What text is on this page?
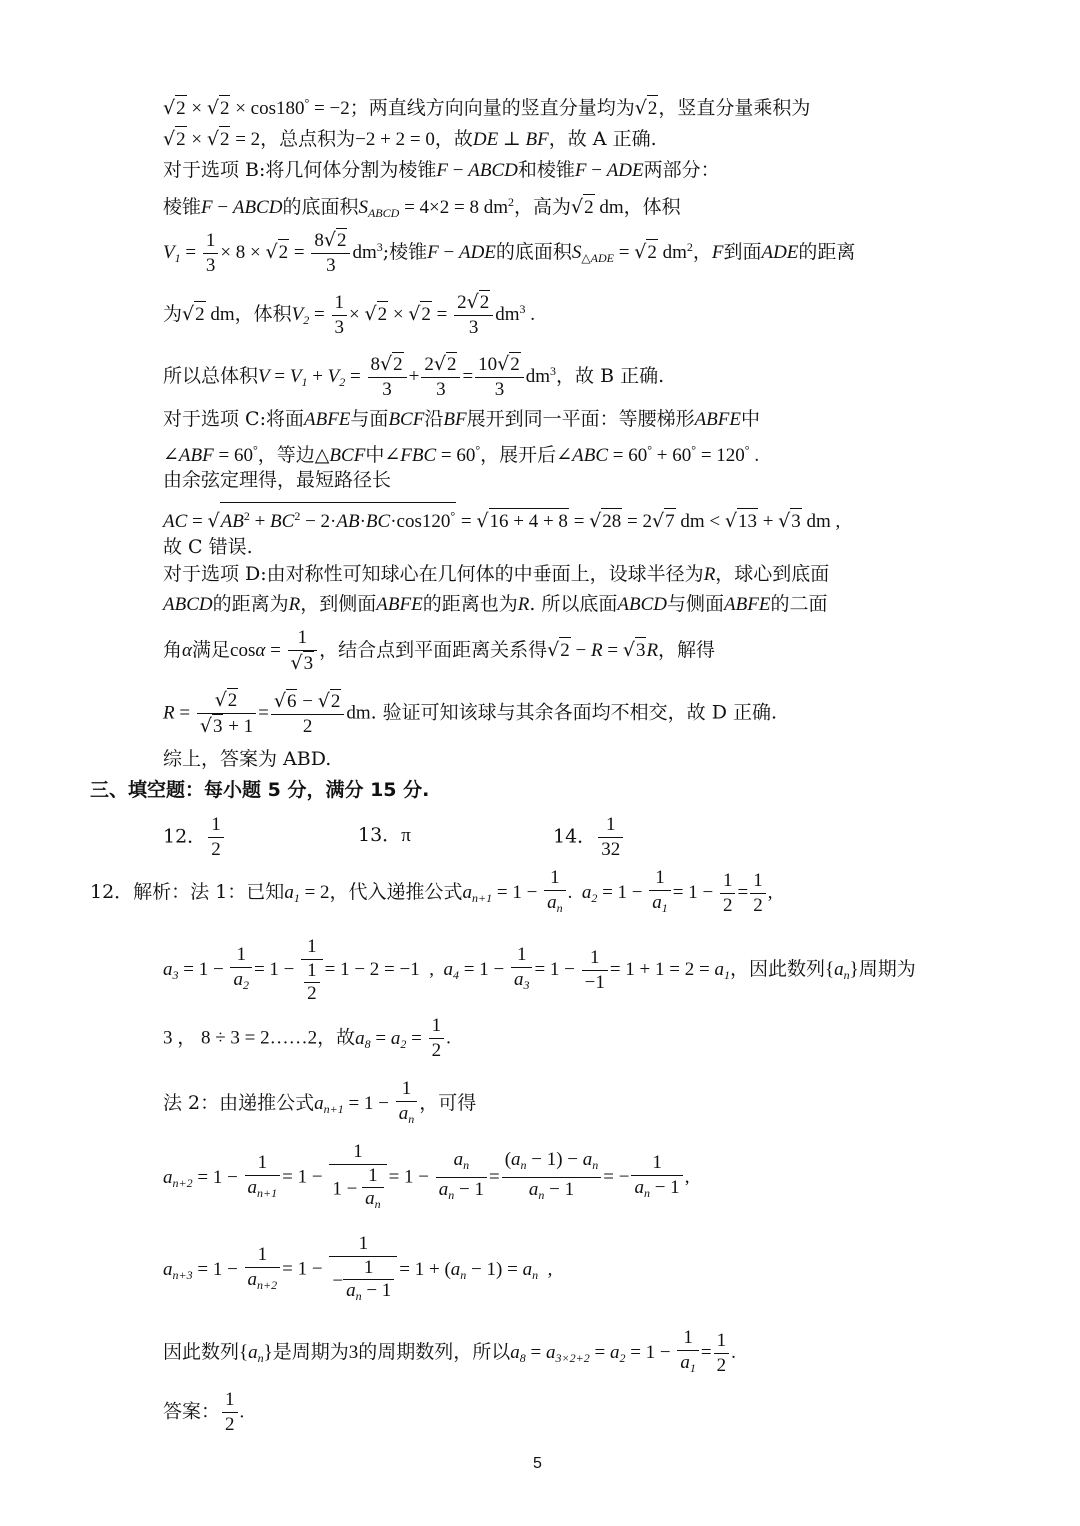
√2 × √2 × cos180° = −2；两直线方向向量的竖直分量均为√2，竖直分量乘积为
√2 × √2 = 2，总点积为−2 + 2 = 0，故DE ⊥ BF，故 A 正确.
对于选项 B:将几何体分割为棱锥F − ABCD和棱锥F − ADE两部分：
棱锥F − ABCD的底面积$S_{ABCD} = 4\times 2 = 8$ $dm^2$，高为√2 dm，体积
$V_1 = \frac{1}{3} \times 8 \times √2 = \frac{8√2}{3} dm^3$;棱锥F − ADE的底面积$S_{\triangle ADE} = √2$ $dm^2$，F到面ADE的距离
为√2 dm，体积$V_2 = \frac{1}{3} \times √2 \times √2 = \frac{2√2}{3} dm^3$ .
所以总体积$V = V_1 + V_2 = \frac{8√2}{3} + \frac{2√2}{3} = \frac{10√2}{3} dm^3$，故 B 正确.
对于选项 C:将面ABFE与面BCF沿BF展开到同一平面：等腰梯形ABFE中
∠ABF = 60°，等边△BCF中∠FBC = 60°，展开后∠ABC = 60° + 60° = 120° .
由余弦定理得，最短路径长
AC = $√AB^2 + BC^2 - 2\cdot AB\cdot BC\cdot\cos 120^\circ = √16 + 4 + 8 = √28 = 2√7$ dm < √13 + √3 dm ,
故 C 错误.
对于选项 D:由对称性可知球心在几何体的中垂面上，设球半径为R，球心到底面
ABCD的距离为R，到侧面ABFE的距离也为R. 所以底面ABCD与侧面ABFE的二面
角α满足$\cos\alpha = \frac{1}{√3}$ ，结合点到平面距离关系得√2 − R = √3R，解得
$R = \frac{√2}{√3 + 1} = \frac{√6 - √2}{2}$ dm. 验证可知该球与其余各面均不相交，故 D 正确.
综上，答案为 ABD.
三、填空题：每小题 5 分，满分 15 分.
12． $\frac{1}{2}$	13．π	14． $\frac{1}{32}$
12．解析：法 1：已知$a_1 = 2$，代入递推公式$a_{n+1} = 1 - \frac{1}{a_n}$ .  $a_2 = 1 - \frac{1}{a_1} = 1 - \frac{1}{2} = \frac{1}{2}$ ,
$a_3 = 1 - \frac{1}{a_2} = 1 - \frac{1}{\frac{1}{2}} = 1 - 2 = -1$  ,  $a_4 = 1 - \frac{1}{a_3} = 1 - \frac{1}{-1} = 1 + 1 = 2 = a_1$，因此数列$\{a_n\}$周期为
3 ， 8 ÷ 3 = 2……2，故$a_8 = a_2 = \frac{1}{2}$ .
法 2：由递推公式$a_{n+1} = 1 - \frac{1}{a_n}$ ，可得
$a_{n+2} = 1 - \frac{1}{a_{n+1}} = 1 - \frac{1}{1 - \frac{1}{a_n}} = 1 - \frac{a_n}{a_n - 1} = \frac{(a_n - 1) - a_n}{a_n - 1}$ = − $\frac{1}{a_n - 1}$ ,
$a_{n+3} = 1 - \frac{1}{a_{n+2}} = 1 - \frac{1}{- \frac{1}{a_n - 1}} = 1 + (a_n - 1) = a_n$  ,
因此数列$\{a_n\}$是周期为3的周期数列，所以$a_8 = a_{3\times 2+2} = a_2 = 1 - \frac{1}{a_1} = \frac{1}{2}$ .
答案： $\frac{1}{2}$ .
5
